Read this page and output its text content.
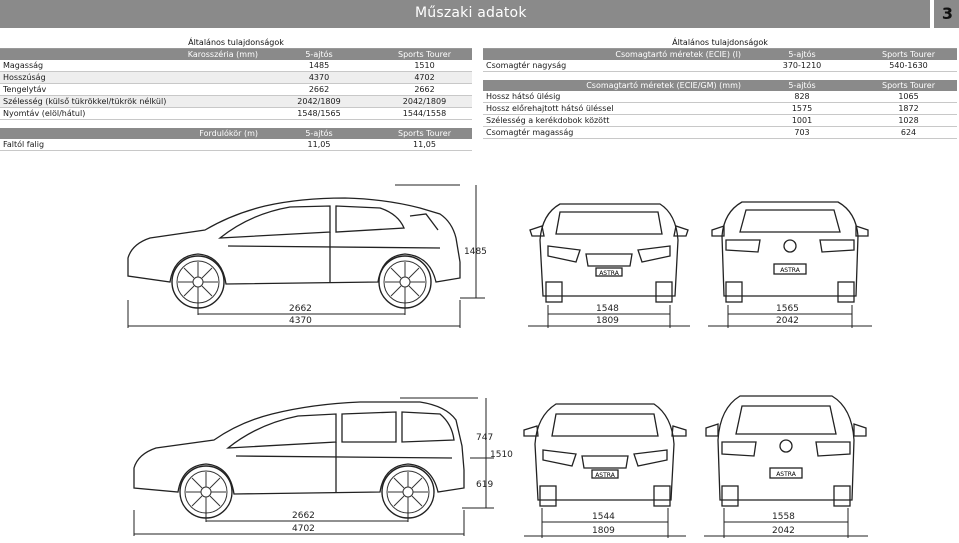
Műszaki adatok	3
Általános tulajdonságok		
Karosszéria (mm)	5-ajtós	Sports Tourer
Magasság	1485	1510
Hosszúság	4370	4702
Tengelytáv	2662	2662
Szélesség (külső tükrökkel/tükrök nélkül)	2042/1809	2042/1809
Nyomtáv (elöl/hátul)	1548/1565	1544/1558

Fordulókör (m)	5-ajtós	Sports Tourer
Faltól falig	11,05	11,05
Általános tulajdonságok		
Csomagtartó méretek (ECIE) (l)	5-ajtós	Sports Tourer
Csomagtér nagyság	370-1210	540-1630

Csomagtartó méretek (ECIE/GM) (mm)	5-ajtós	Sports Tourer
Hossz hátsó ülésig	828	1065
Hossz előrehajtott hátsó üléssel	1575	1872
Szélesség a kerékdobok között	1001	1028
Csomagtér magasság	703	624
1485
2662
4370
ASTRA
1548
1809
ASTRA
1565
2042
747
1510
619
2662
4702
ASTRA
1544
1809
ASTRA
1558
2042
